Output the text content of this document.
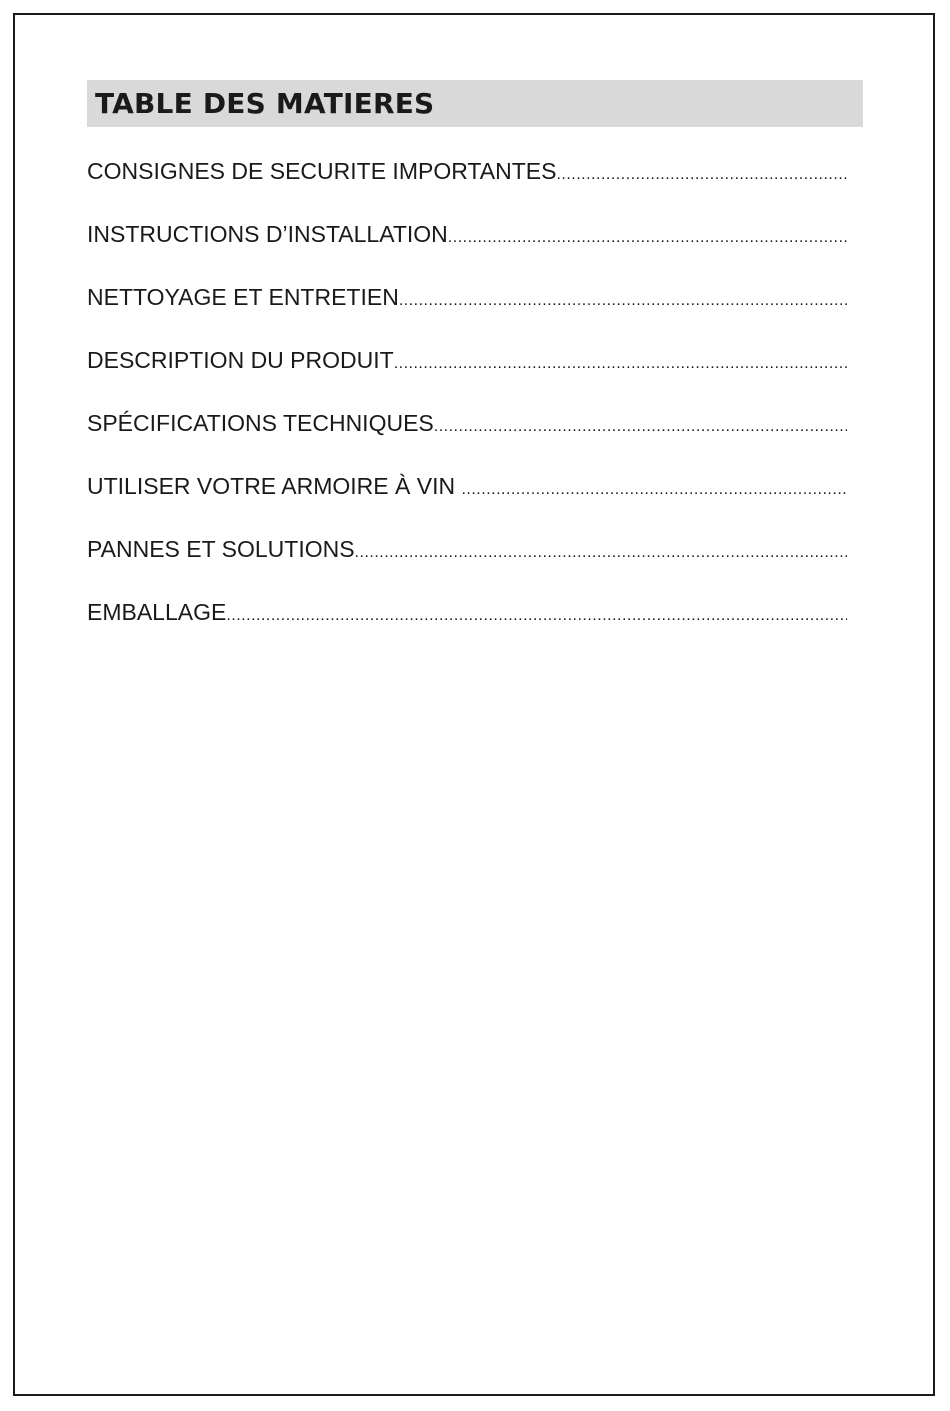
TABLE DES MATIERES
CONSIGNES DE SECURITE IMPORTANTES
.....
INSTRUCTIONS D’INSTALLATION
.....
NETTOYAGE ET ENTRETIEN
.....
DESCRIPTION DU PRODUIT
.....
SPÉCIFICATIONS TECHNIQUES
.....
UTILISER VOTRE ARMOIRE À VIN
.....
PANNES ET SOLUTIONS
.....
EMBALLAGE
.....
